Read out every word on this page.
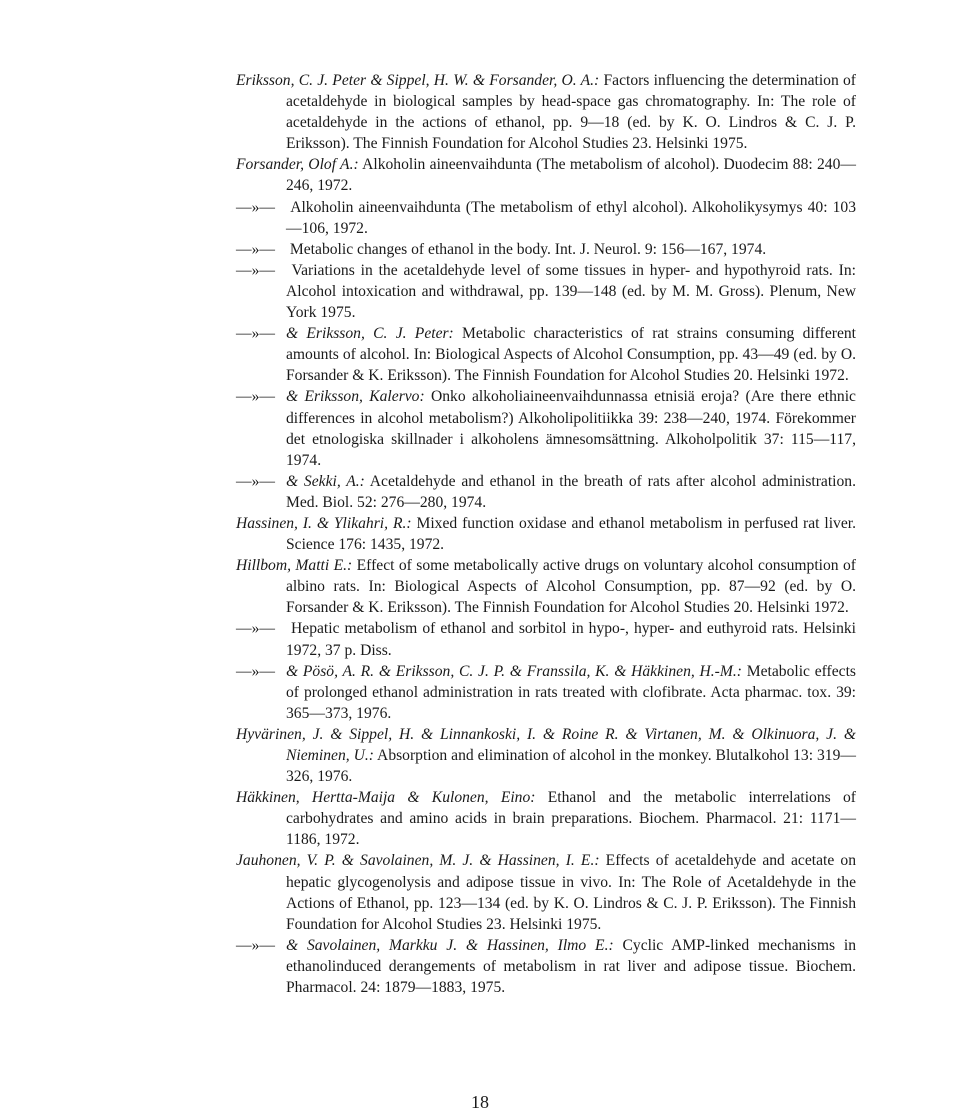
Eriksson, C. J. Peter & Sippel, H. W. & Forsander, O. A.: Factors influencing the determination of acetaldehyde in biological samples by head-space gas chromatography. In: The role of acetaldehyde in the actions of ethanol, pp. 9—18 (ed. by K. O. Lindros & C. J. P. Eriksson). The Finnish Foundation for Alcohol Studies 23. Helsinki 1975.

Forsander, Olof A.: Alkoholin aineenvaihdunta (The metabolism of alcohol). Duodecim 88: 240—246, 1972.

—»— Alkoholin aineenvaihdunta (The metabolism of ethyl alcohol). Alkoholikysymys 40: 103—106, 1972.

—»— Metabolic changes of ethanol in the body. Int. J. Neurol. 9: 156—167, 1974.

—»— Variations in the acetaldehyde level of some tissues in hyper- and hypothyroid rats. In: Alcohol intoxication and withdrawal, pp. 139—148 (ed. by M. M. Gross). Plenum, New York 1975.

—»— & Eriksson, C. J. Peter: Metabolic characteristics of rat strains consuming different amounts of alcohol. In: Biological Aspects of Alcohol Consumption, pp. 43—49 (ed. by O. Forsander & K. Eriksson). The Finnish Foundation for Alcohol Studies 20. Helsinki 1972.

—»— & Eriksson, Kalervo: Onko alkoholiaineenvaihdunnassa etnisiä eroja? (Are there ethnic differences in alcohol metabolism?) Alkoholipolitiikka 39: 238—240, 1974. Förekommer det etnologiska skillnader i alkoholens ämnesomsättning. Alkoholpolitik 37: 115—117, 1974.

—»— & Sekki, A.: Acetaldehyde and ethanol in the breath of rats after alcohol administration. Med. Biol. 52: 276—280, 1974.

Hassinen, I. & Ylikahri, R.: Mixed function oxidase and ethanol metabolism in perfused rat liver. Science 176: 1435, 1972.

Hillbom, Matti E.: Effect of some metabolically active drugs on voluntary alcohol consumption of albino rats. In: Biological Aspects of Alcohol Consumption, pp. 87—92 (ed. by O. Forsander & K. Eriksson). The Finnish Foundation for Alcohol Studies 20. Helsinki 1972.

—»— Hepatic metabolism of ethanol and sorbitol in hypo-, hyper- and euthyroid rats. Helsinki 1972, 37 p. Diss.

—»— & Pösö, A. R. & Eriksson, C. J. P. & Franssila, K. & Häkkinen, H.-M.: Metabolic effects of prolonged ethanol administration in rats treated with clofibrate. Acta pharmac. tox. 39: 365—373, 1976.

Hyvärinen, J. & Sippel, H. & Linnankoski, I. & Roine R. & Virtanen, M. & Olkinuora, J. & Nieminen, U.: Absorption and elimination of alcohol in the monkey. Blutalkohol 13: 319—326, 1976.

Häkkinen, Hertta-Maija & Kulonen, Eino: Ethanol and the metabolic interrelations of carbohydrates and amino acids in brain preparations. Biochem. Pharmacol. 21: 1171—1186, 1972.

Jauhonen, V. P. & Savolainen, M. J. & Hassinen, I. E.: Effects of acetaldehyde and acetate on hepatic glycogenolysis and adipose tissue in vivo. In: The Role of Acetaldehyde in the Actions of Ethanol, pp. 123—134 (ed. by K. O. Lindros & C. J. P. Eriksson). The Finnish Foundation for Alcohol Studies 23. Helsinki 1975.

—»— & Savolainen, Markku J. & Hassinen, Ilmo E.: Cyclic AMP-linked mechanisms in ethanolinduced derangements of metabolism in rat liver and adipose tissue. Biochem. Pharmacol. 24: 1879—1883, 1975.

18
